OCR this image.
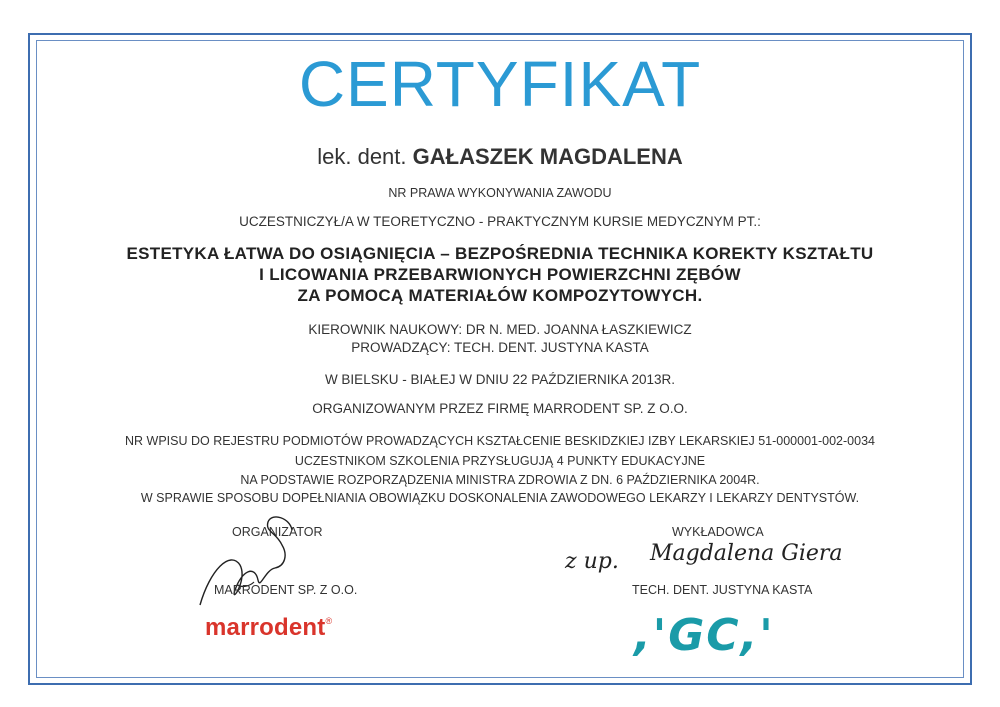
CERTYFIKAT
lek. dent. GAŁASZEK MAGDALENA
NR PRAWA WYKONYWANIA ZAWODU
UCZESTNICZYŁ/A W TEORETYCZNO - PRAKTYCZNYM KURSIE MEDYCZNYM PT.:
ESTETYKA ŁATWA DO OSIĄGNIĘCIA – BEZPOŚREDNIA TECHNIKA KOREKTY KSZTAŁTU
I LICOWANIA PRZEBARWIONYCH POWIERZCHNI ZĘBÓW
ZA POMOCĄ MATERIAŁÓW KOMPOZYTOWYCH.
KIEROWNIK NAUKOWY: DR N. MED. JOANNA ŁASZKIEWICZ
PROWADZĄCY: TECH. DENT. JUSTYNA KASTA
W BIELSKU - BIAŁEJ W DNIU 22 PAŹDZIERNIKA 2013R.
ORGANIZOWANYM PRZEZ FIRMĘ MARRODENT SP. Z O.O.
NR WPISU DO REJESTRU PODMIOTÓW PROWADZĄCYCH KSZTAŁCENIE BESKIDZKIEJ IZBY LEKARSKIEJ 51-000001-002-0034
UCZESTNIKOM SZKOLENIA PRZYSŁUGUJĄ 4 PUNKTY EDUKACYJNE
NA PODSTAWIE ROZPORZĄDZENIA MINISTRA ZDROWIA Z DN. 6 PAŹDZIERNIKA 2004R.
W SPRAWIE SPOSOBU DOPEŁNIANIA OBOWIĄZKU DOSKONALENIA ZAWODOWEGO LEKARZY I LEKARZY DENTYSTÓW.
ORGANIZATOR
MARRODENT SP. Z O.O.
marrodent®
WYKŁADOWCA
z up. Magdalena Giera
TECH. DENT. JUSTYNA KASTA
,'GC,'
